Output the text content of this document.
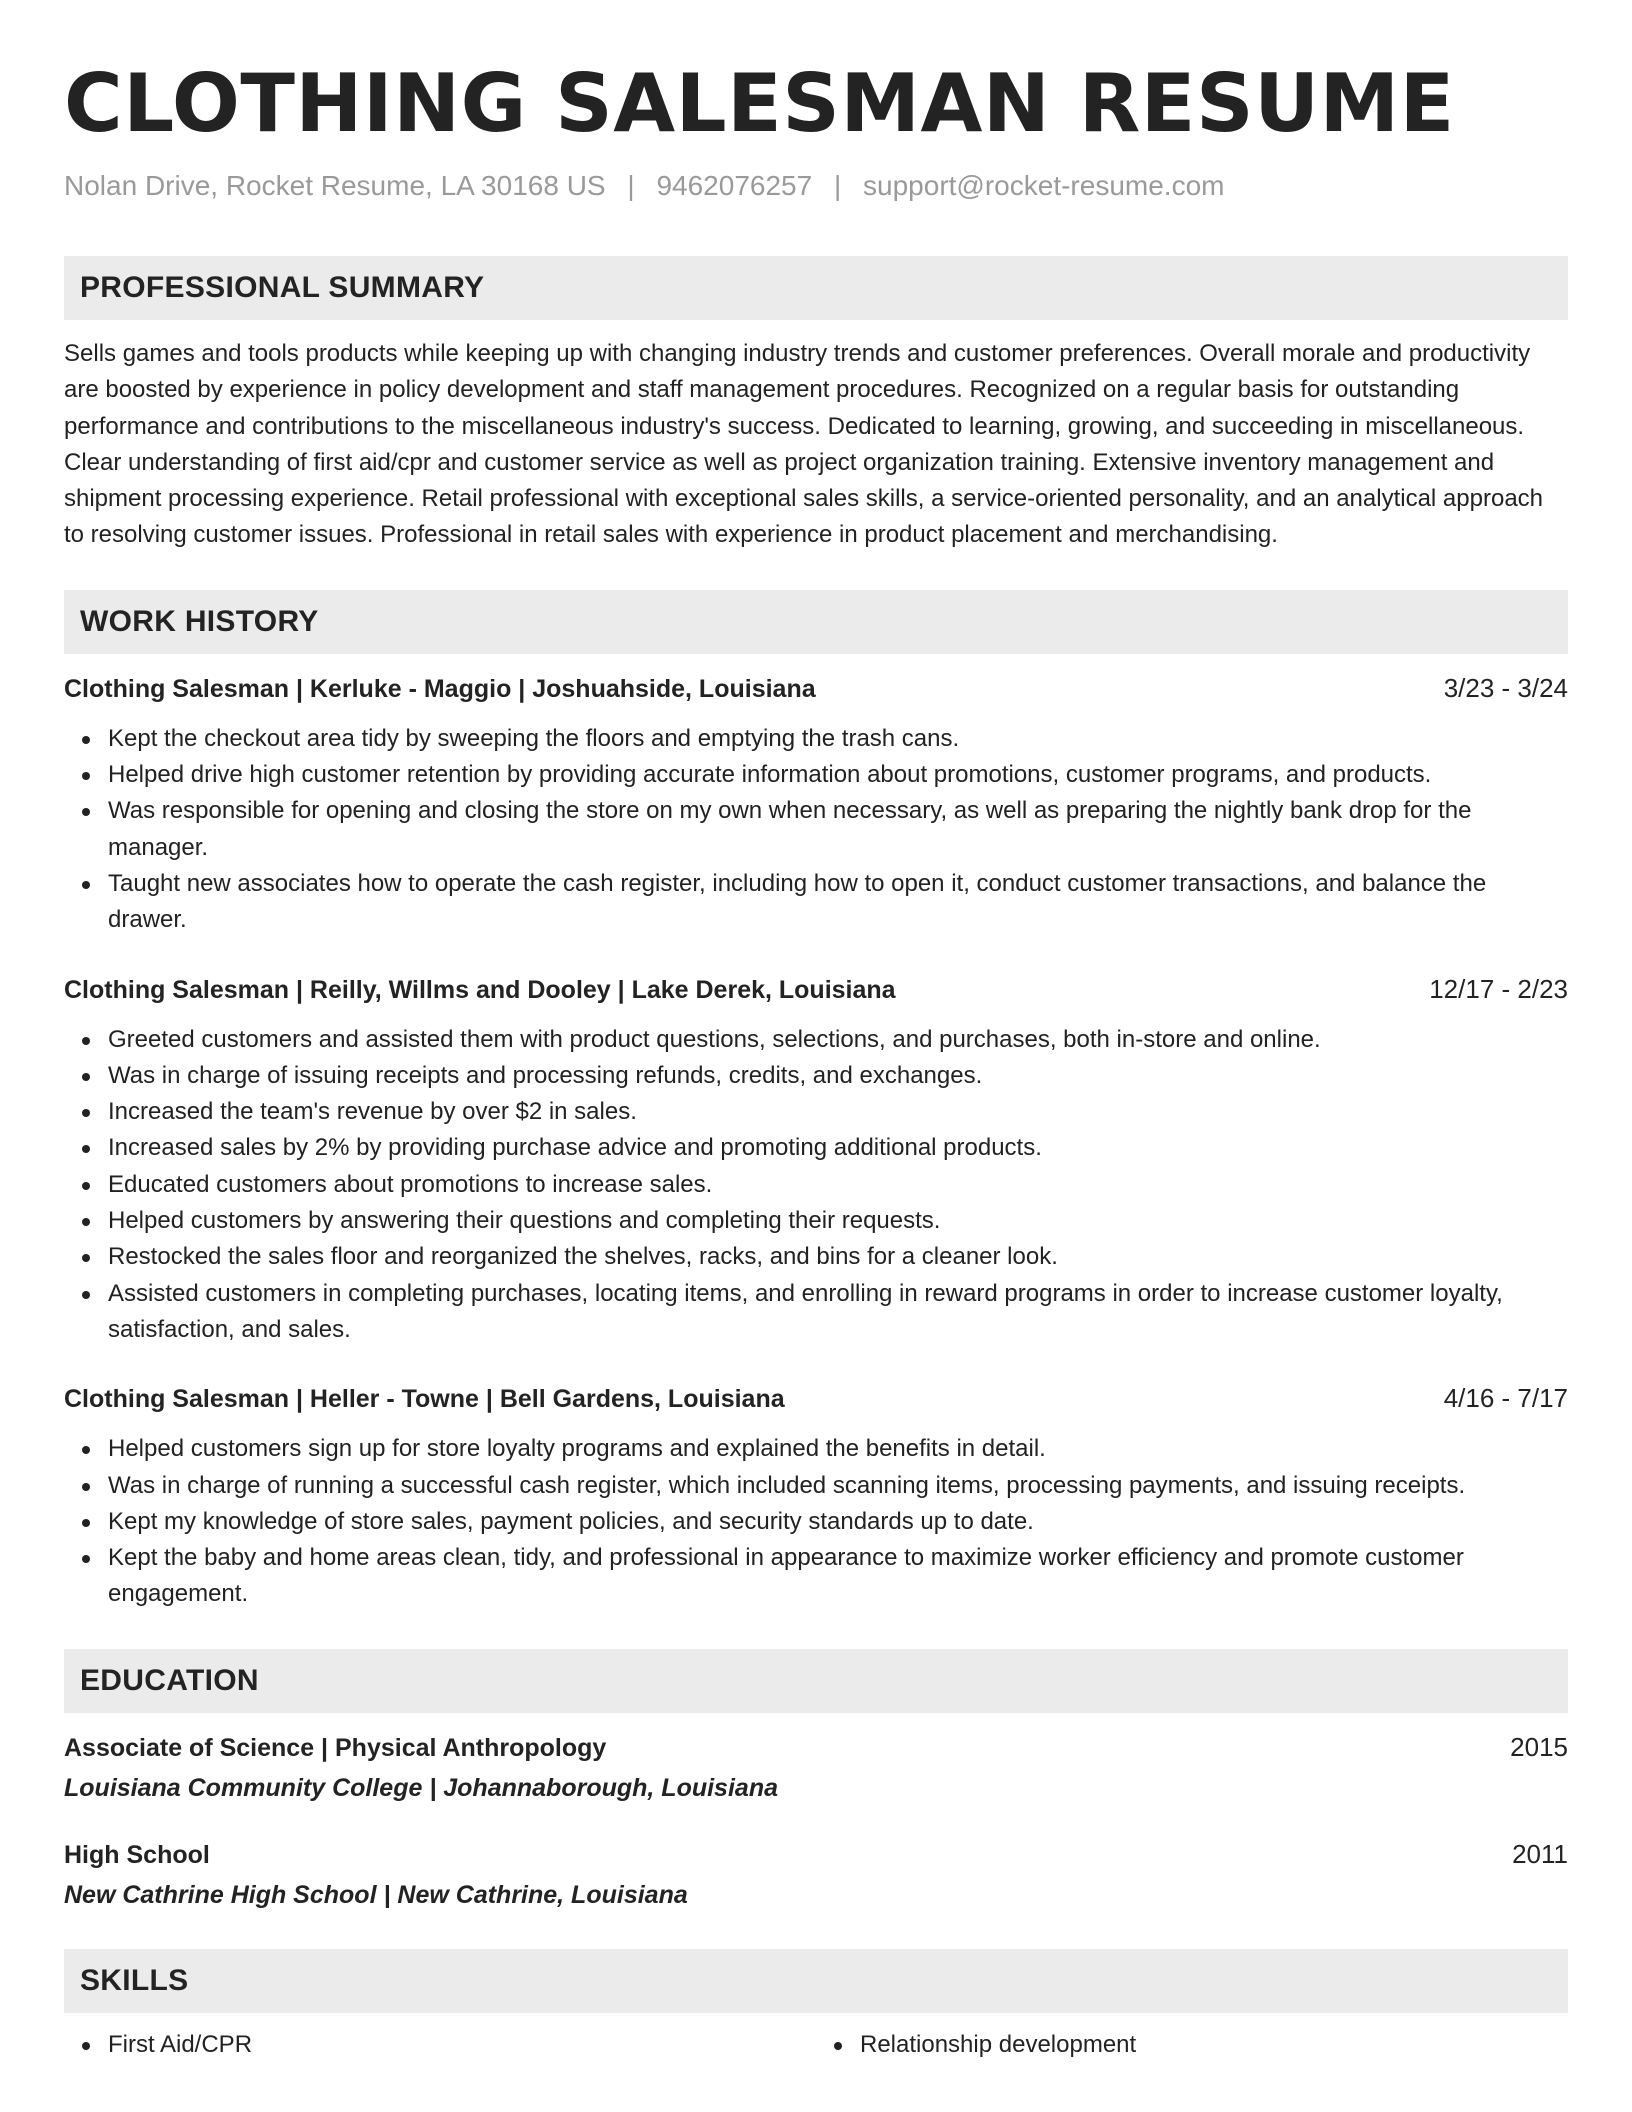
CLOTHING SALESMAN RESUME
Nolan Drive, Rocket Resume, LA 30168 US | 9462076257 | support@rocket-resume.com
PROFESSIONAL SUMMARY
Sells games and tools products while keeping up with changing industry trends and customer preferences. Overall morale and productivity are boosted by experience in policy development and staff management procedures. Recognized on a regular basis for outstanding performance and contributions to the miscellaneous industry's success. Dedicated to learning, growing, and succeeding in miscellaneous. Clear understanding of first aid/cpr and customer service as well as project organization training. Extensive inventory management and shipment processing experience. Retail professional with exceptional sales skills, a service-oriented personality, and an analytical approach to resolving customer issues. Professional in retail sales with experience in product placement and merchandising.
WORK HISTORY
Clothing Salesman | Kerluke - Maggio | Joshuahside, Louisiana	3/23 - 3/24
Kept the checkout area tidy by sweeping the floors and emptying the trash cans.
Helped drive high customer retention by providing accurate information about promotions, customer programs, and products.
Was responsible for opening and closing the store on my own when necessary, as well as preparing the nightly bank drop for the manager.
Taught new associates how to operate the cash register, including how to open it, conduct customer transactions, and balance the drawer.
Clothing Salesman | Reilly, Willms and Dooley | Lake Derek, Louisiana	12/17 - 2/23
Greeted customers and assisted them with product questions, selections, and purchases, both in-store and online.
Was in charge of issuing receipts and processing refunds, credits, and exchanges.
Increased the team's revenue by over $2 in sales.
Increased sales by 2% by providing purchase advice and promoting additional products.
Educated customers about promotions to increase sales.
Helped customers by answering their questions and completing their requests.
Restocked the sales floor and reorganized the shelves, racks, and bins for a cleaner look.
Assisted customers in completing purchases, locating items, and enrolling in reward programs in order to increase customer loyalty, satisfaction, and sales.
Clothing Salesman | Heller - Towne | Bell Gardens, Louisiana	4/16 - 7/17
Helped customers sign up for store loyalty programs and explained the benefits in detail.
Was in charge of running a successful cash register, which included scanning items, processing payments, and issuing receipts.
Kept my knowledge of store sales, payment policies, and security standards up to date.
Kept the baby and home areas clean, tidy, and professional in appearance to maximize worker efficiency and promote customer engagement.
EDUCATION
Associate of Science | Physical Anthropology	2015
Louisiana Community College | Johannaborough, Louisiana
High School	2011
New Cathrine High School | New Cathrine, Louisiana
SKILLS
First Aid/CPR	Relationship development
